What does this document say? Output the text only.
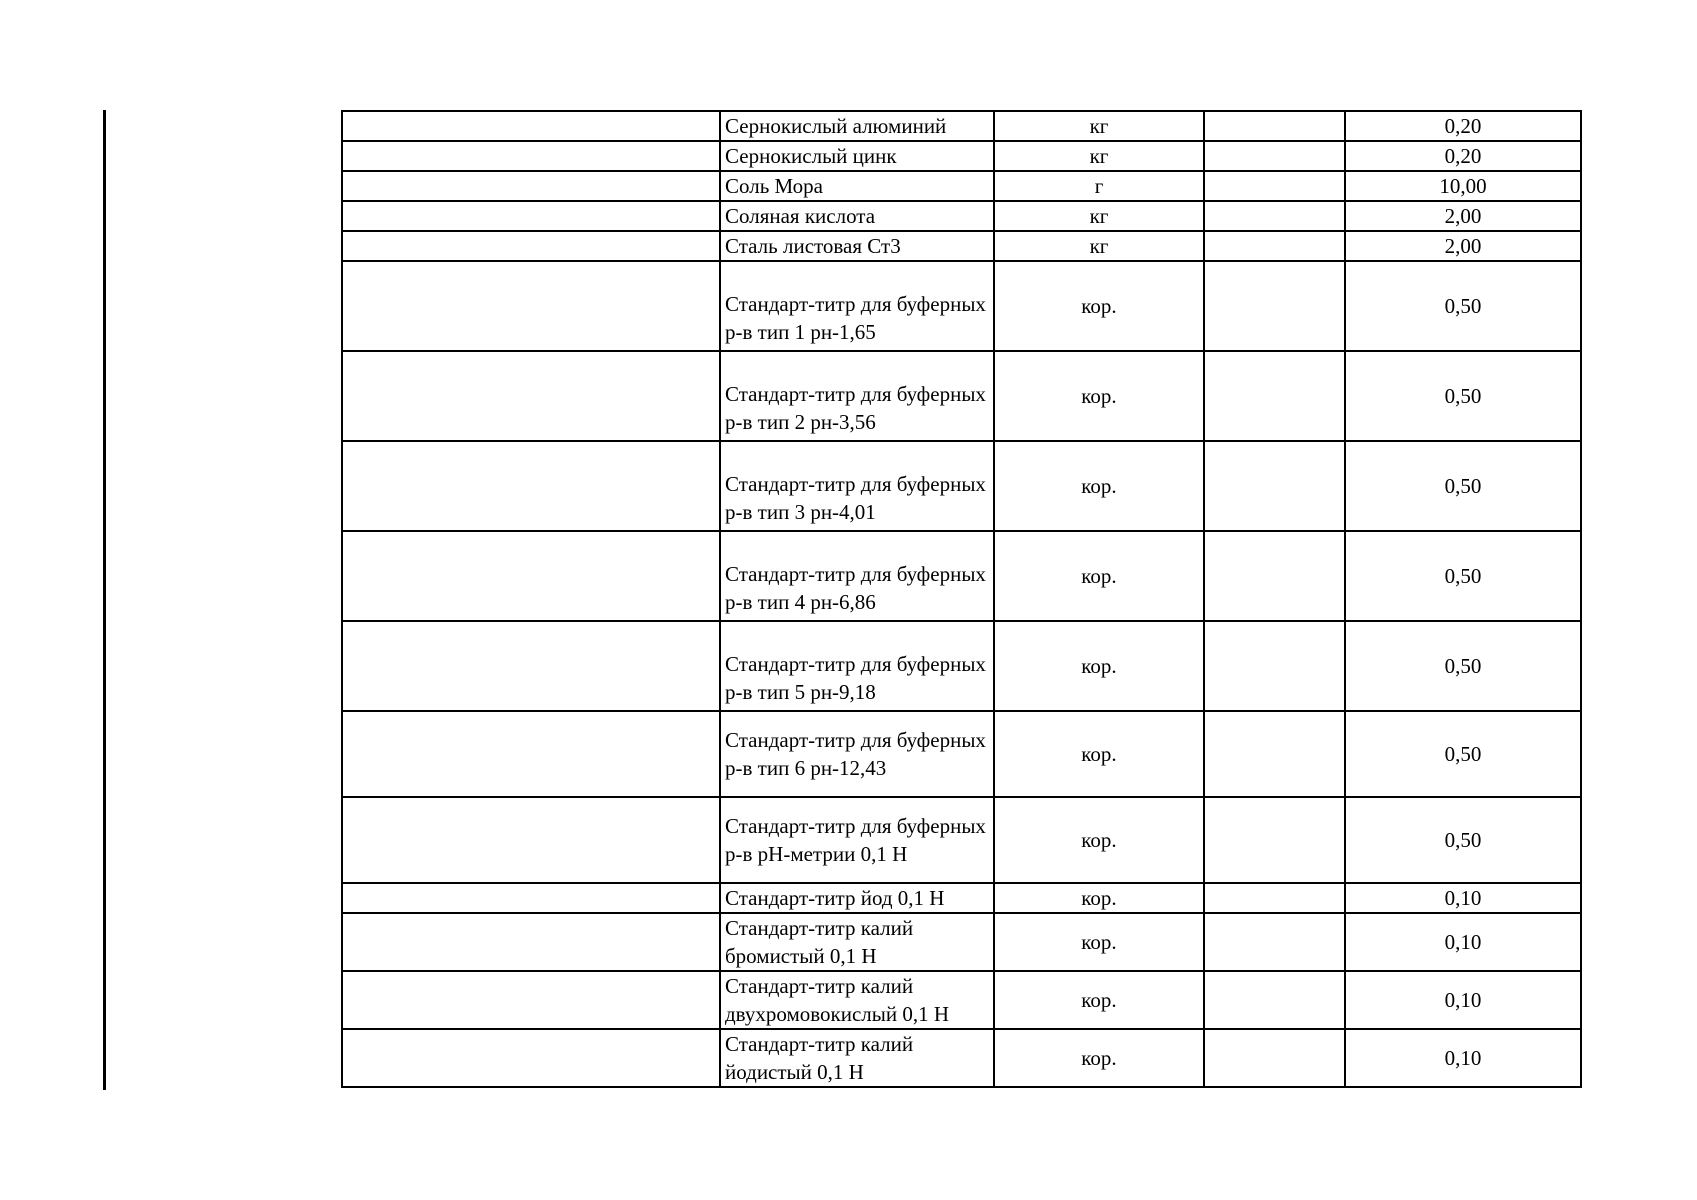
	Сернокислый алюминий	кг		0,20
	Сернокислый цинк	кг		0,20
	Соль Мора	г		10,00
	Соляная кислота	кг		2,00
	Сталь листовая Ст3	кг		2,00
	Стандарт-титр для буферных р-в тип 1 рн-1,65	кор.		0,50
	Стандарт-титр для буферных р-в тип 2 рн-3,56	кор.		0,50
	Стандарт-титр для буферных р-в тип 3 рн-4,01	кор.		0,50
	Стандарт-титр для буферных р-в тип 4 рн-6,86	кор.		0,50
	Стандарт-титр для буферных р-в тип 5 рн-9,18	кор.		0,50
	Стандарт-титр для буферных р-в тип 6 рн-12,43	кор.		0,50
	Стандарт-титр для буферных р-в pH-метрии 0,1 Н	кор.		0,50
	Стандарт-титр йод 0,1 Н	кор.		0,10
	Стандарт-титр калий бромистый 0,1 Н	кор.		0,10
	Стандарт-титр калий двухромовокислый 0,1 Н	кор.		0,10
	Стандарт-титр калий йодистый 0,1 Н	кор.		0,10
